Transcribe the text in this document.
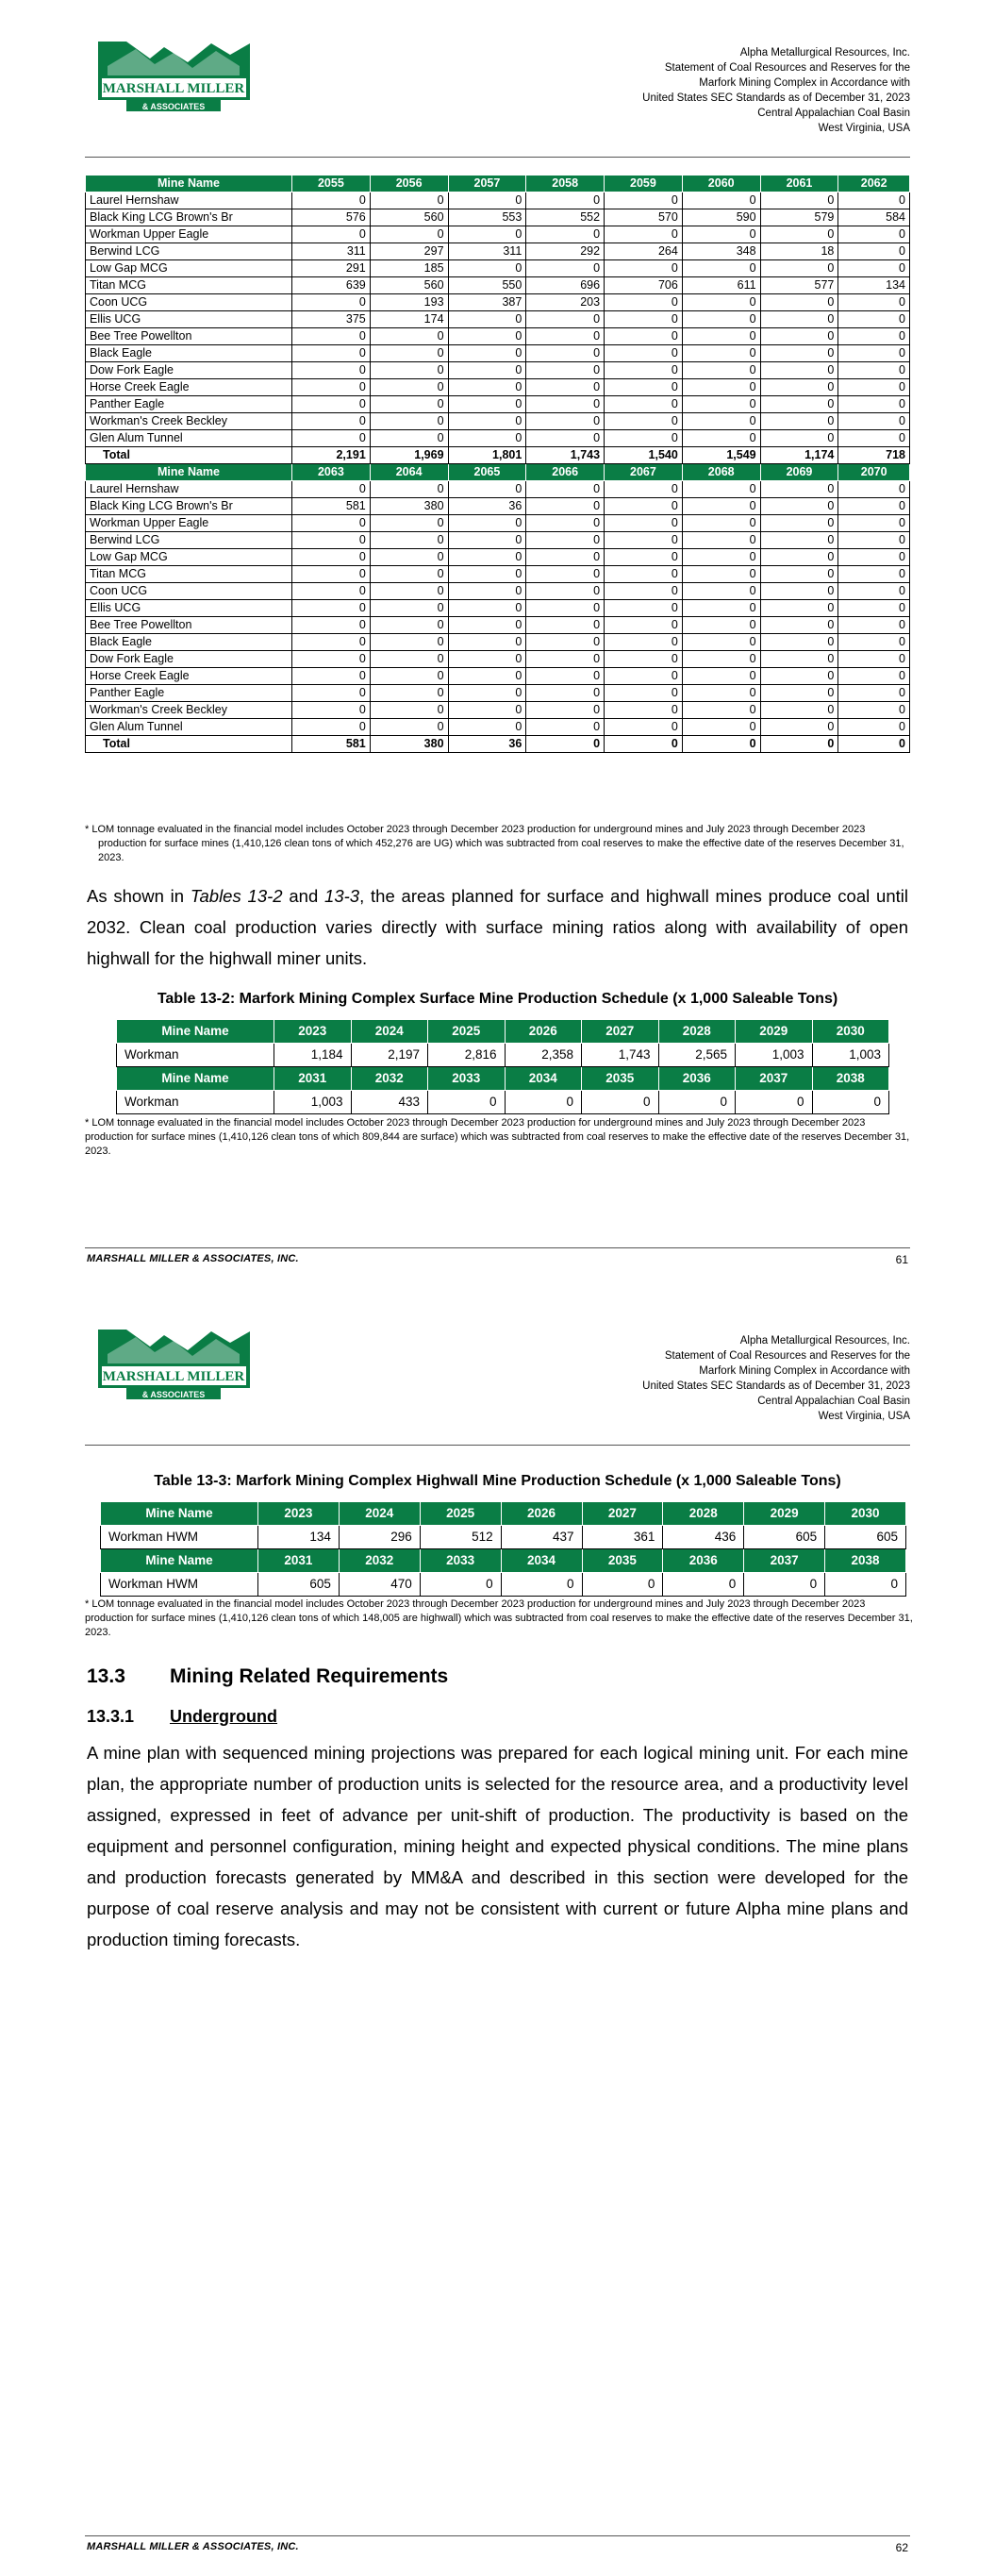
MARSHALL MILLER
& ASSOCIATES
Alpha Metallurgical Resources, Inc.
Statement of Coal Resources and Reserves for the
Marfork Mining Complex in Accordance with
United States SEC Standards as of December 31, 2023
Central Appalachian Coal Basin
West Virginia, USA
Mine Name	2055	2056	2057	2058	2059	2060	2061	2062
Laurel Hernshaw	0	0	0	0	0	0	0	0
Black King LCG Brown's Br	576	560	553	552	570	590	579	584
Workman Upper Eagle	0	0	0	0	0	0	0	0
Berwind LCG	311	297	311	292	264	348	18	0
Low Gap MCG	291	185	0	0	0	0	0	0
Titan MCG	639	560	550	696	706	611	577	134
Coon UCG	0	193	387	203	0	0	0	0
Ellis UCG	375	174	0	0	0	0	0	0
Bee Tree Powellton	0	0	0	0	0	0	0	0
Black Eagle	0	0	0	0	0	0	0	0
Dow Fork Eagle	0	0	0	0	0	0	0	0
Horse Creek Eagle	0	0	0	0	0	0	0	0
Panther Eagle	0	0	0	0	0	0	0	0
Workman's Creek Beckley	0	0	0	0	0	0	0	0
Glen Alum Tunnel	0	0	0	0	0	0	0	0
Total	2,191	1,969	1,801	1,743	1,540	1,549	1,174	718
Mine Name	2063	2064	2065	2066	2067	2068	2069	2070
Laurel Hernshaw	0	0	0	0	0	0	0	0
Black King LCG Brown's Br	581	380	36	0	0	0	0	0
Workman Upper Eagle	0	0	0	0	0	0	0	0
Berwind LCG	0	0	0	0	0	0	0	0
Low Gap MCG	0	0	0	0	0	0	0	0
Titan MCG	0	0	0	0	0	0	0	0
Coon UCG	0	0	0	0	0	0	0	0
Ellis UCG	0	0	0	0	0	0	0	0
Bee Tree Powellton	0	0	0	0	0	0	0	0
Black Eagle	0	0	0	0	0	0	0	0
Dow Fork Eagle	0	0	0	0	0	0	0	0
Horse Creek Eagle	0	0	0	0	0	0	0	0
Panther Eagle	0	0	0	0	0	0	0	0
Workman's Creek Beckley	0	0	0	0	0	0	0	0
Glen Alum Tunnel	0	0	0	0	0	0	0	0
Total	581	380	36	0	0	0	0	0
* LOM tonnage evaluated in the financial model includes October 2023 through December 2023 production for underground mines and July 2023 through December 2023 production for surface mines (1,410,126 clean tons of which 452,276 are UG) which was subtracted from coal reserves to make the effective date of the reserves December 31, 2023.
As shown in Tables 13-2 and 13-3, the areas planned for surface and highwall mines produce coal until 2032. Clean coal production varies directly with surface mining ratios along with availability of open highwall for the highwall miner units.
Table 13-2: Marfork Mining Complex Surface Mine Production Schedule (x 1,000 Saleable Tons)
Mine Name	2023	2024	2025	2026	2027	2028	2029	2030
Workman	1,184	2,197	2,816	2,358	1,743	2,565	1,003	1,003
Mine Name	2031	2032	2033	2034	2035	2036	2037	2038
Workman	1,003	433	0	0	0	0	0	0
* LOM tonnage evaluated in the financial model includes October 2023 through December 2023 production for underground mines and July 2023 through December 2023 production for surface mines (1,410,126 clean tons of which 809,844 are surface) which was subtracted from coal reserves to make the effective date of the reserves December 31, 2023.
MARSHALL MILLER & ASSOCIATES, INC.	61
MARSHALL MILLER
& ASSOCIATES
Alpha Metallurgical Resources, Inc.
Statement of Coal Resources and Reserves for the
Marfork Mining Complex in Accordance with
United States SEC Standards as of December 31, 2023
Central Appalachian Coal Basin
West Virginia, USA
Table 13-3: Marfork Mining Complex Highwall Mine Production Schedule (x 1,000 Saleable Tons)
Mine Name	2023	2024	2025	2026	2027	2028	2029	2030
Workman HWM	134	296	512	437	361	436	605	605
Mine Name	2031	2032	2033	2034	2035	2036	2037	2038
Workman HWM	605	470	0	0	0	0	0	0
* LOM tonnage evaluated in the financial model includes October 2023 through December 2023 production for underground mines and July 2023 through December 2023 production for surface mines (1,410,126 clean tons of which 148,005 are highwall) which was subtracted from coal reserves to make the effective date of the reserves December 31, 2023.
13.3 Mining Related Requirements
13.3.1 Underground
A mine plan with sequenced mining projections was prepared for each logical mining unit. For each mine plan, the appropriate number of production units is selected for the resource area, and a productivity level assigned, expressed in feet of advance per unit-shift of production. The productivity is based on the equipment and personnel configuration, mining height and expected physical conditions. The mine plans and production forecasts generated by MM&A and described in this section were developed for the purpose of coal reserve analysis and may not be consistent with current or future Alpha mine plans and production timing forecasts.
MARSHALL MILLER & ASSOCIATES, INC.	62
